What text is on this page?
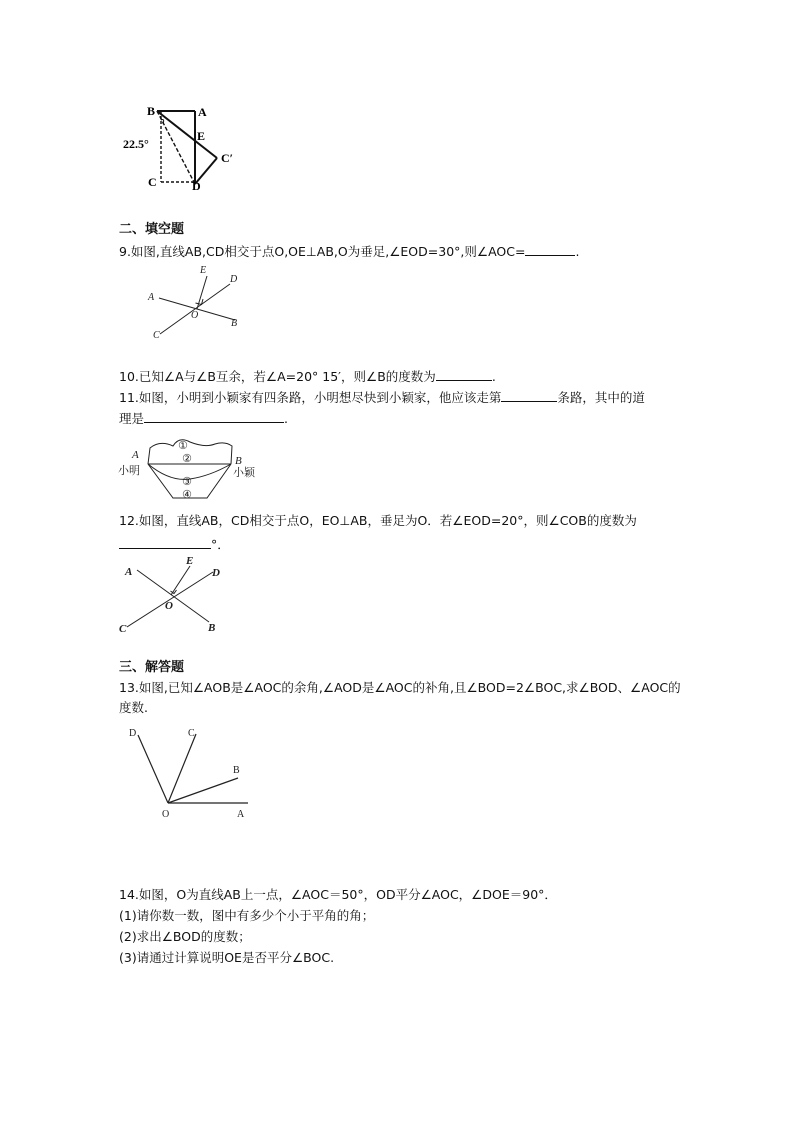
B	A
E
C′
C	D
22.5°
二、填空题
9.如图,直线AB,CD相交于点O,OE⊥AB,O为垂足,∠EOD=30°,则∠AOC=	.
E
D
A
O
B
C
10.已知∠A与∠B互余，若∠A=20° 15′，则∠B的度数为	.
11.如图，小明到小颖家有四条路，小明想尽快到小颖家，他应该走第	条路，其中的道
理是	.
A
小明
B
小颖
①
②
③
④
12.如图，直线AB，CD相交于点O，EO⊥AB，垂足为O．若∠EOD=20°，则∠COB的度数为
°．
A
E
D
O
C	B
三、解答题
13.如图,已知∠AOB是∠AOC的余角,∠AOD是∠AOC的补角,且∠BOD=2∠BOC,求∠BOD、∠AOC的
度数.
D	C
B
O	A
14.如图，O为直线AB上一点，∠AOC＝50°，OD平分∠AOC，∠DOE＝90°．
(1)请你数一数，图中有多少个小于平角的角；
(2)求出∠BOD的度数；
(3)请通过计算说明OE是否平分∠BOC.
